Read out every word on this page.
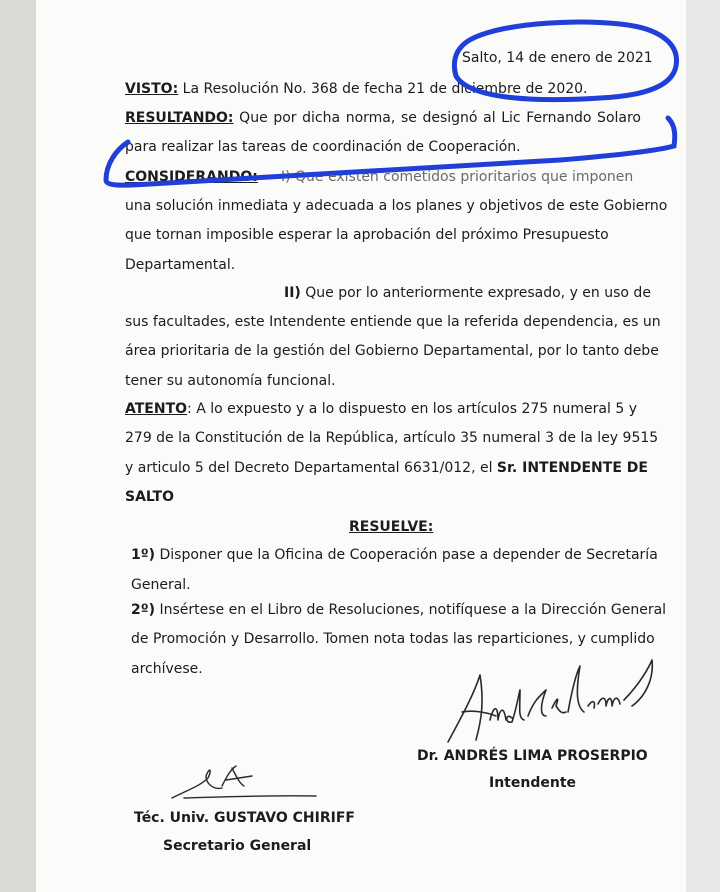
Salto, 14 de enero de 2021
VISTO: La Resolución No. 368 de fecha 21 de diciembre de 2020.
RESULTANDO: Que por dicha norma, se designó al Lic Fernando Solaro
para realizar las tareas de coordinación de Cooperación.
CONSIDERANDO: I) Que existen cometidos prioritarios que imponen
una solución inmediata y adecuada a los planes y objetivos de este Gobierno
que tornan imposible esperar la aprobación del próximo Presupuesto
Departamental.
II) Que por lo anteriormente expresado, y en uso de
sus facultades, este Intendente entiende que la referida dependencia, es un
área prioritaria de la gestión del Gobierno Departamental, por lo tanto debe
tener su autonomía funcional.
ATENTO: A lo expuesto y a lo dispuesto en los artículos 275 numeral 5 y
279 de la Constitución de la República, artículo 35 numeral 3 de la ley 9515
y articulo 5 del Decreto Departamental 6631/012, el Sr. INTENDENTE DE
SALTO
RESUELVE:
1º) Disponer que la Oficina de Cooperación pase a depender de Secretaría
General.
2º) Insértese en el Libro de Resoluciones, notifíquese a la Dirección General
de Promoción y Desarrollo. Tomen nota todas las reparticiones, y cumplido
archívese.
Dr. ANDRÉS LIMA PROSERPIO
Intendente
Téc. Univ. GUSTAVO CHIRIFF
Secretario General
